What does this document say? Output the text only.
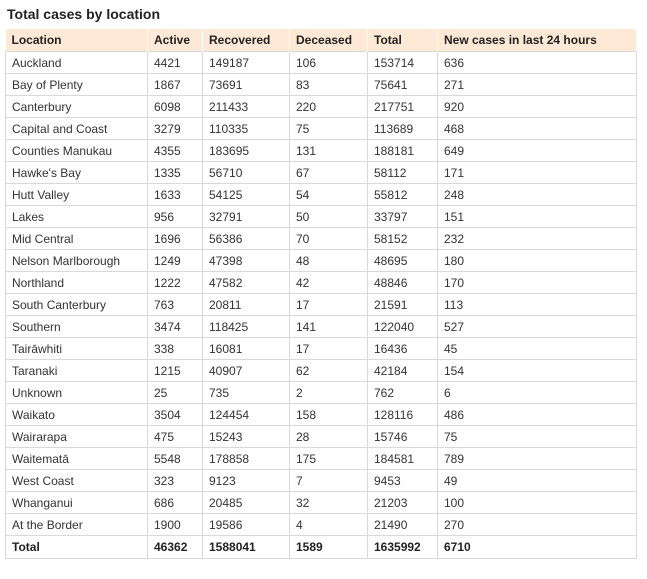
Total cases by location
Location	Active	Recovered	Deceased	Total	New cases in last 24 hours
Auckland	4421	149187	106	153714	636
Bay of Plenty	1867	73691	83	75641	271
Canterbury	6098	211433	220	217751	920
Capital and Coast	3279	110335	75	113689	468
Counties Manukau	4355	183695	131	188181	649
Hawke's Bay	1335	56710	67	58112	171
Hutt Valley	1633	54125	54	55812	248
Lakes	956	32791	50	33797	151
Mid Central	1696	56386	70	58152	232
Nelson Marlborough	1249	47398	48	48695	180
Northland	1222	47582	42	48846	170
South Canterbury	763	20811	17	21591	113
Southern	3474	118425	141	122040	527
Tairāwhiti	338	16081	17	16436	45
Taranaki	1215	40907	62	42184	154
Unknown	25	735	2	762	6
Waikato	3504	124454	158	128116	486
Wairarapa	475	15243	28	15746	75
Waitematā	5548	178858	175	184581	789
West Coast	323	9123	7	9453	49
Whanganui	686	20485	32	21203	100
At the Border	1900	19586	4	21490	270
Total	46362	1588041	1589	1635992	6710
